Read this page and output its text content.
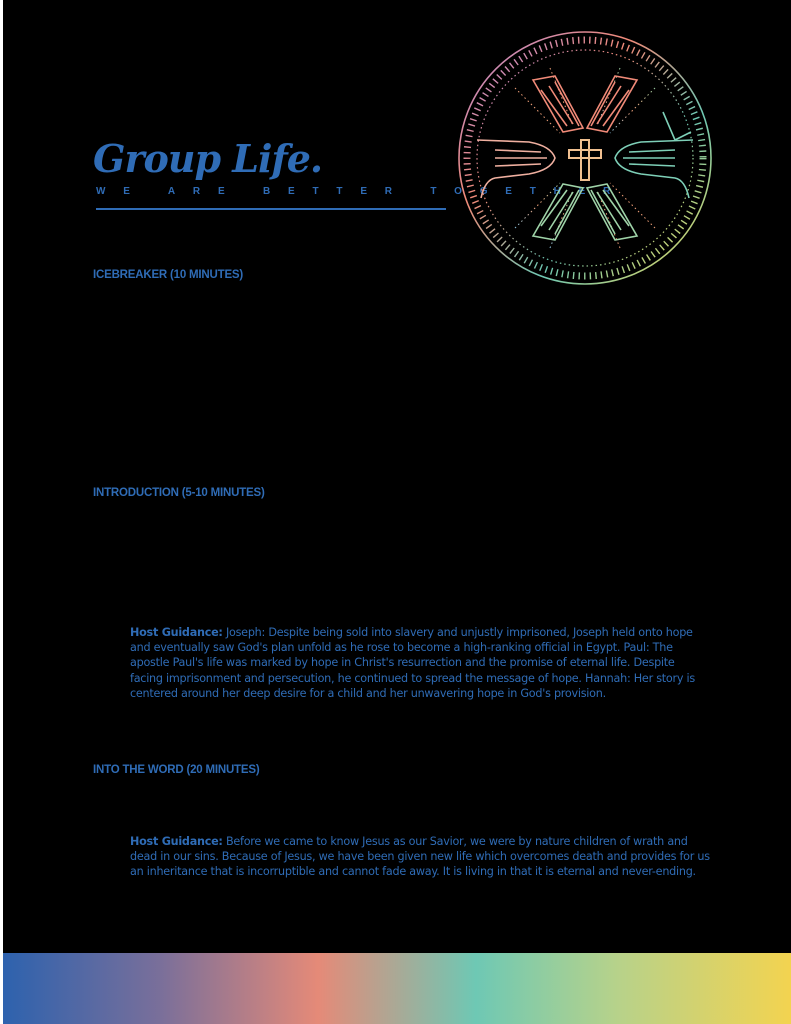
Group Life.
WE ARE BETTER TOGETHER
ICEBREAKER (10 MINUTES)
INTRODUCTION (5-10 MINUTES)

Host Guidance: Joseph: Despite being sold into slavery and unjustly imprisoned, Joseph held onto hope and eventually saw God's plan unfold as he rose to become a high-ranking official in Egypt. Paul: The apostle Paul's life was marked by hope in Christ's resurrection and the promise of eternal life. Despite facing imprisonment and persecution, he continued to spread the message of hope. Hannah: Her story is centered around her deep desire for a child and her unwavering hope in God's provision.

INTO THE WORD (20 MINUTES)

Host Guidance: Before we came to know Jesus as our Savior, we were by nature children of wrath and dead in our sins. Because of Jesus, we have been given new life which overcomes death and provides for us an inheritance that is incorruptible and cannot fade away. It is living in that it is eternal and never-ending.
